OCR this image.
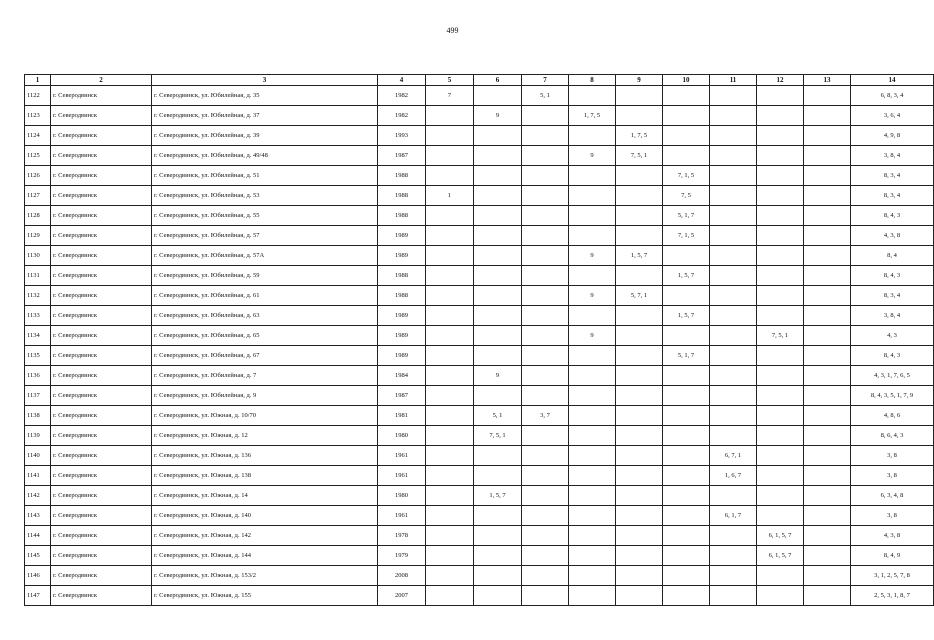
499
1	2	3	4	5	6	7	8	9	10	11	12	13	14
1122	г. Северодвинск	г. Северодвинск, ул. Юбилейная, д. 35	1982	7		5, 1							6, 8, 3, 4
1123	г. Северодвинск	г. Северодвинск, ул. Юбилейная, д. 37	1982		9		1, 7, 5						3, 6, 4
1124	г. Северодвинск	г. Северодвинск, ул. Юбилейная, д. 39	1993					1, 7, 5					4, 9, 8
1125	г. Северодвинск	г. Северодвинск, ул. Юбилейная, д. 49/48	1987				9	7, 5, 1					3, 8, 4
1126	г. Северодвинск	г. Северодвинск, ул. Юбилейная, д. 51	1988						7, 1, 5				8, 3, 4
1127	г. Северодвинск	г. Северодвинск, ул. Юбилейная, д. 53	1988	1					7, 5				8, 3, 4
1128	г. Северодвинск	г. Северодвинск, ул. Юбилейная, д. 55	1988						5, 1, 7				8, 4, 3
1129	г. Северодвинск	г. Северодвинск, ул. Юбилейная, д. 57	1989						7, 1, 5				4, 3, 8
1130	г. Северодвинск	г. Северодвинск, ул. Юбилейная, д. 57А	1989				9	1, 5, 7					8, 4
1131	г. Северодвинск	г. Северодвинск, ул. Юбилейная, д. 59	1988						1, 5, 7				8, 4, 3
1132	г. Северодвинск	г. Северодвинск, ул. Юбилейная, д. 61	1988				9	5, 7, 1					8, 3, 4
1133	г. Северодвинск	г. Северодвинск, ул. Юбилейная, д. 63	1989						1, 5, 7				3, 8, 4
1134	г. Северодвинск	г. Северодвинск, ул. Юбилейная, д. 65	1989				9				7, 5, 1		4, 3
1135	г. Северодвинск	г. Северодвинск, ул. Юбилейная, д. 67	1989						5, 1, 7				8, 4, 3
1136	г. Северодвинск	г. Северодвинск, ул. Юбилейная, д. 7	1984		9								4, 3, 1, 7, 6, 5
1137	г. Северодвинск	г. Северодвинск, ул. Юбилейная, д. 9	1987										8, 4, 3, 5, 1, 7, 9
1138	г. Северодвинск	г. Северодвинск, ул. Южная, д. 10/70	1981		5, 1	3, 7							4, 8, 6
1139	г. Северодвинск	г. Северодвинск, ул. Южная, д. 12	1980		7, 5, 1								8, 6, 4, 3
1140	г. Северодвинск	г. Северодвинск, ул. Южная, д. 136	1961							6, 7, 1			3, 8
1141	г. Северодвинск	г. Северодвинск, ул. Южная, д. 138	1961							1, 6, 7			3, 8
1142	г. Северодвинск	г. Северодвинск, ул. Южная, д. 14	1980		1, 5, 7								6, 3, 4, 8
1143	г. Северодвинск	г. Северодвинск, ул. Южная, д. 140	1961							6, 1, 7			3, 8
1144	г. Северодвинск	г. Северодвинск, ул. Южная, д. 142	1978								6, 1, 5, 7		4, 3, 8
1145	г. Северодвинск	г. Северодвинск, ул. Южная, д. 144	1979								6, 1, 5, 7		8, 4, 9
1146	г. Северодвинск	г. Северодвинск, ул. Южная, д. 153/2	2008										3, 1, 2, 5, 7, 8
1147	г. Северодвинск	г. Северодвинск, ул. Южная, д. 155	2007										2, 5, 3, 1, 8, 7
